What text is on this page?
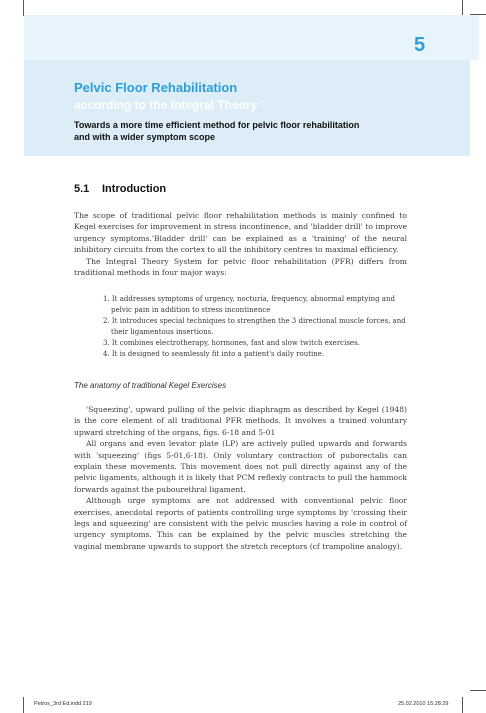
5
Pelvic Floor Rehabilitation
according to the Integral Theory
Towards a more time efficient method for pelvic floor rehabilitation
and with a wider symptom scope
5.1 Introduction

The scope of traditional pelvic floor rehabilitation methods is mainly confined to Kegel exercises for improvement in stress incontinence, and 'bladder drill' to improve urgency symptoms.'Bladder drill' can be explained as a 'training' of the neural inhibitory circuits from the cortex to all the inhibitory centres to maximal efficiency.

The Integral Theory System for pelvic floor rehabilitation (PFR) differs from traditional methods in four major ways:

1. It addresses symptoms of urgency, nocturia, frequency, abnormal emptying and pelvic pain in addition to stress incontinence
2. It introduces special techniques to strengthen the 3 directional muscle forces, and their ligamentous insertions.
3. It combines electrotherapy, hormones, fast and slow twitch exercises.
4. It is designed to seamlessly fit into a patient's daily routine.
The anatomy of traditional Kegel Exercises

'Squeezing', upward pulling of the pelvic diaphragm as described by Kegel (1948) is the core element of all traditional PFR methods. It involves a trained voluntary upward stretching of the organs, figs. 6-18 and 5-01

All organs and even levator plate (LP) are actively pulled upwards and forwards with 'squeezing' (figs 5-01,6-18). Only voluntary contraction of puborectalis can explain these movements. This movement does not pull directly against any of the pelvic ligaments, although it is likely that PCM reflexly contracts to pull the hammock forwards against the pubourethral ligament.

Although urge symptoms are not addressed with conventional pelvic floor exercises, anecdotal reports of patients controlling urge symptoms by 'crossing their legs and squeezing' are consistent with the pelvic muscles having a role in control of urgency symptoms. This can be explained by the pelvic muscles stretching the vaginal membrane upwards to support the stretch receptors (cf trampoline analogy).

Petros_3rd Ed.indd 219	25.02.2010 15:28:29
